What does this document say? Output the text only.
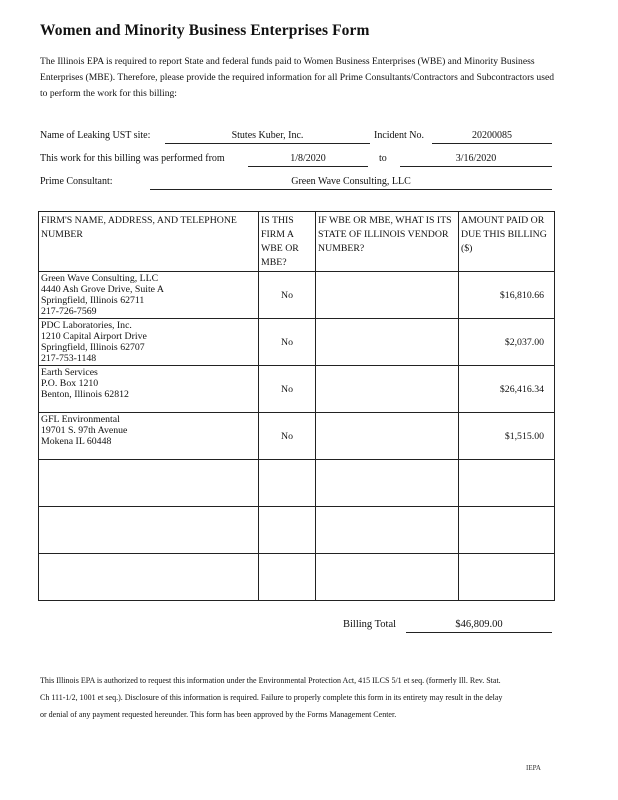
Women and Minority Business Enterprises Form
The Illinois EPA is required to report State and federal funds paid to Women Business Enterprises (WBE) and Minority Business Enterprises (MBE). Therefore, please provide the required information for all Prime Consultants/Contractors and Subcontractors used to perform the work for this billing:
Name of Leaking UST site:	Stutes Kuber, Inc.	Incident No.	20200085
This work for this billing was performed from	1/8/2020	to	3/16/2020
Prime Consultant:	Green Wave Consulting, LLC
FIRM'S NAME, ADDRESS, AND TELEPHONE NUMBER	IS THIS FIRM A WBE OR MBE?	IF WBE OR MBE, WHAT IS ITS STATE OF ILLINOIS VENDOR NUMBER?	AMOUNT PAID OR DUE THIS BILLING ($)

Green Wave Consulting, LLC
4440 Ash Grove Drive, Suite A
Springfield, Illinois 62711
217-726-7569	No		$16,810.66

PDC Laboratories, Inc.
1210 Capital Airport Drive
Springfield, Illinois 62707
217-753-1148	No		$2,037.00

Earth Services
P.O. Box 1210
Benton, Illinois 62812	No		$26,416.34

GFL Environmental
19701 S. 97th Avenue
Mokena IL 60448	No		$1,515.00

Billing Total	$46,809.00
This Illinois EPA is authorized to request this information under the Environmental Protection Act, 415 ILCS 5/1 et seq. (formerly Ill. Rev. Stat. Ch 111-1/2, 1001 et seq.). Disclosure of this information is required. Failure to properly complete this form in its entirety may result in the delay or denial of any payment requested hereunder. This form has been approved by the Forms Management Center.
IEPA
